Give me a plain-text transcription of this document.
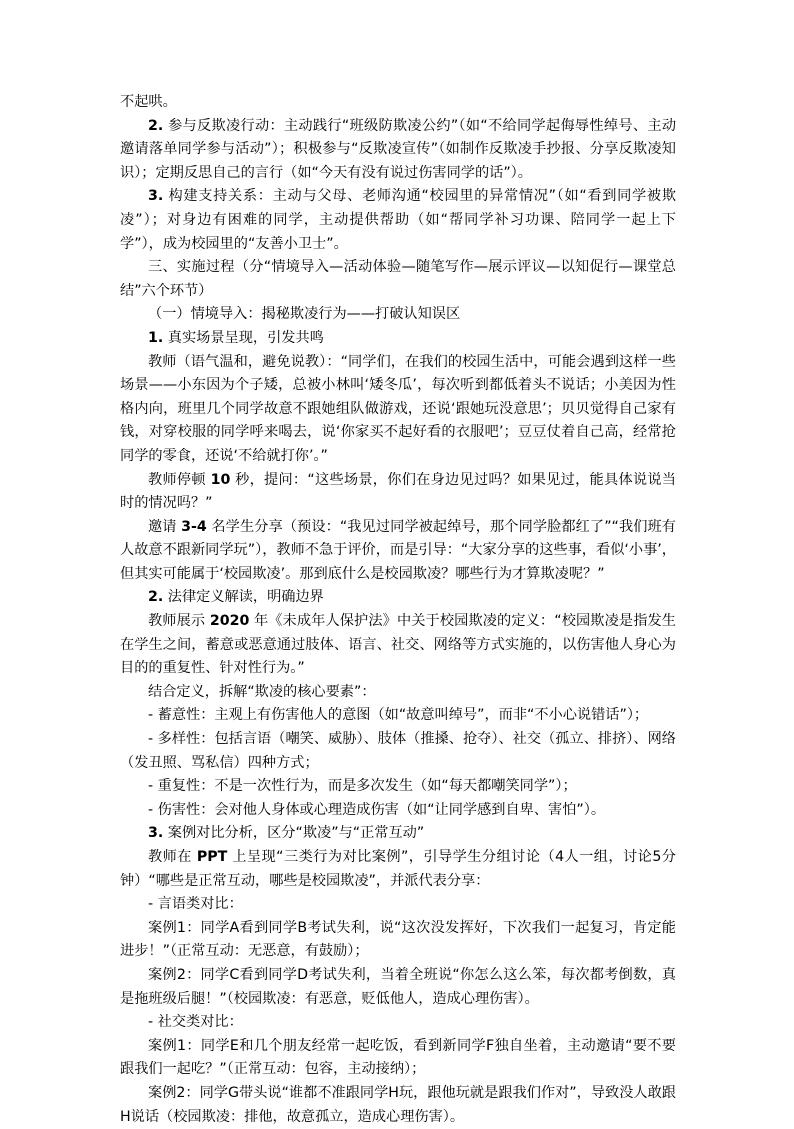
不起哄。

2. 参与反欺凌行动：主动践行“班级防欺凌公约”（如“不给同学起侮辱性绰号、主动邀请落单同学参与活动”）；积极参与“反欺凌宣传”（如制作反欺凌手抄报、分享反欺凌知识）；定期反思自己的言行（如“今天有没有说过伤害同学的话”）。

3. 构建支持关系：主动与父母、老师沟通“校园里的异常情况”（如“看到同学被欺凌”）；对身边有困难的同学，主动提供帮助（如“帮同学补习功课、陪同学一起上下学”），成为校园里的“友善小卫士”。

三、实施过程（分“情境导入—活动体验—随笔写作—展示评议—以知促行—课堂总结”六个环节）

（一）情境导入：揭秘欺凌行为——打破认知误区

1. 真实场景呈现，引发共鸣

教师（语气温和，避免说教）：“同学们，在我们的校园生活中，可能会遇到这样一些场景——小东因为个子矮，总被小林叫‘矮冬瓜’，每次听到都低着头不说话；小美因为性格内向，班里几个同学故意不跟她组队做游戏，还说‘跟她玩没意思’；贝贝觉得自己家有钱，对穿校服的同学呼来喝去，说‘你家买不起好看的衣服吧’；豆豆仗着自己高，经常抢同学的零食，还说‘不给就打你’。”

教师停顿 10 秒，提问：“这些场景，你们在身边见过吗？如果见过，能具体说说当时的情况吗？”

邀请 3-4 名学生分享（预设：“我见过同学被起绰号，那个同学脸都红了”“我们班有人故意不跟新同学玩”），教师不急于评价，而是引导：“大家分享的这些事，看似‘小事’，但其实可能属于‘校园欺凌’。那到底什么是校园欺凌？哪些行为才算欺凌呢？”

2. 法律定义解读，明确边界

教师展示 2020 年《未成年人保护法》中关于校园欺凌的定义：“校园欺凌是指发生在学生之间，蓄意或恶意通过肢体、语言、社交、网络等方式实施的，以伤害他人身心为目的的重复性、针对性行为。”

结合定义，拆解“欺凌的核心要素”：

- 蓄意性：主观上有伤害他人的意图（如“故意叫绰号”，而非“不小心说错话”）；

- 多样性：包括言语（嘲笑、威胁）、肢体（推搡、抢夺）、社交（孤立、排挤）、网络（发丑照、骂私信）四种方式；

- 重复性：不是一次性行为，而是多次发生（如“每天都嘲笑同学”）；

- 伤害性：会对他人身体或心理造成伤害（如“让同学感到自卑、害怕”）。

3. 案例对比分析，区分“欺凌”与“正常互动”

教师在 PPT 上呈现“三类行为对比案例”，引导学生分组讨论（4人一组，讨论5分钟）“哪些是正常互动，哪些是校园欺凌”，并派代表分享：

- 言语类对比：

案例1：同学A看到同学B考试失利，说“这次没发挥好，下次我们一起复习，肯定能进步！”（正常互动：无恶意，有鼓励）；

案例2：同学C看到同学D考试失利，当着全班说“你怎么这么笨，每次都考倒数，真是拖班级后腿！”（校园欺凌：有恶意，贬低他人，造成心理伤害）。

- 社交类对比：

案例1：同学E和几个朋友经常一起吃饭，看到新同学F独自坐着，主动邀请“要不要跟我们一起吃？”（正常互动：包容，主动接纳）；

案例2：同学G带头说“谁都不准跟同学H玩，跟他玩就是跟我们作对”，导致没人敢跟H说话（校园欺凌：排他，故意孤立，造成心理伤害）。
